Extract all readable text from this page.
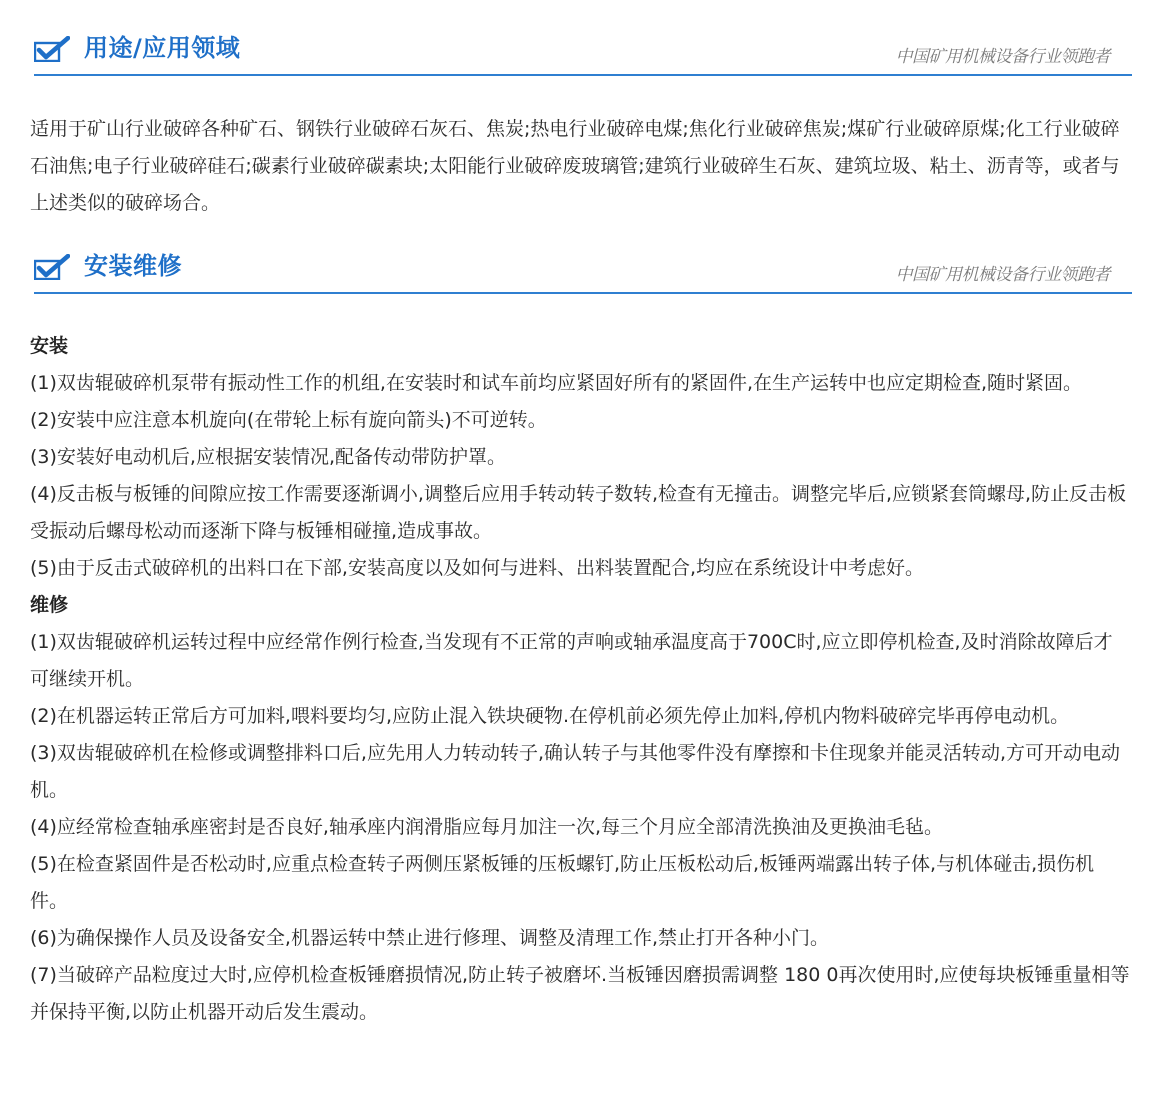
用途/应用领域	中国矿用机械设备行业领跑者

适用于矿山行业破碎各种矿石、钢铁行业破碎石灰石、焦炭;热电行业破碎电煤;焦化行业破碎焦炭;煤矿行业破碎原煤;化工行业破碎石油焦;电子行业破碎硅石;碳素行业破碎碳素块;太阳能行业破碎废玻璃管;建筑行业破碎生石灰、建筑垃圾、粘土、沥青等，或者与上述类似的破碎场合。

安装维修	中国矿用机械设备行业领跑者

安装

(1)双齿辊破碎机泵带有振动性工作的机组,在安装时和试车前均应紧固好所有的紧固件,在生产运转中也应定期检查,随时紧固。

(2)安装中应注意本机旋向(在带轮上标有旋向箭头)不可逆转。

(3)安装好电动机后,应根据安装情况,配备传动带防护罩。

(4)反击板与板锤的间隙应按工作需要逐渐调小,调整后应用手转动转子数转,检查有无撞击。调整完毕后,应锁紧套筒螺母,防止反击板受振动后螺母松动而逐渐下降与板锤相碰撞,造成事故。

(5)由于反击式破碎机的出料口在下部,安装高度以及如何与进料、出料装置配合,均应在系统设计中考虑好。

维修

(1)双齿辊破碎机运转过程中应经常作例行检查,当发现有不正常的声响或轴承温度高于700C时,应立即停机检查,及时消除故障后才可继续开机。

(2)在机器运转正常后方可加料,喂料要均匀,应防止混入铁块硬物.在停机前必须先停止加料,停机内物料破碎完毕再停电动机。

(3)双齿辊破碎机在检修或调整排料口后,应先用人力转动转子,确认转子与其他零件没有摩擦和卡住现象并能灵活转动,方可开动电动机。

(4)应经常检查轴承座密封是否良好,轴承座内润滑脂应每月加注一次,每三个月应全部清洗换油及更换油毛毡。

(5)在检查紧固件是否松动时,应重点检查转子两侧压紧板锤的压板螺钉,防止压板松动后,板锤两端露出转子体,与机体碰击,损伤机件。

(6)为确保操作人员及设备安全,机器运转中禁止进行修理、调整及清理工作,禁止打开各种小门。

(7)当破碎产品粒度过大时,应停机检查板锤磨损情况,防止转子被磨坏.当板锤因磨损需调整 180 0再次使用时,应使每块板锤重量相等并保持平衡,以防止机器开动后发生震动。
